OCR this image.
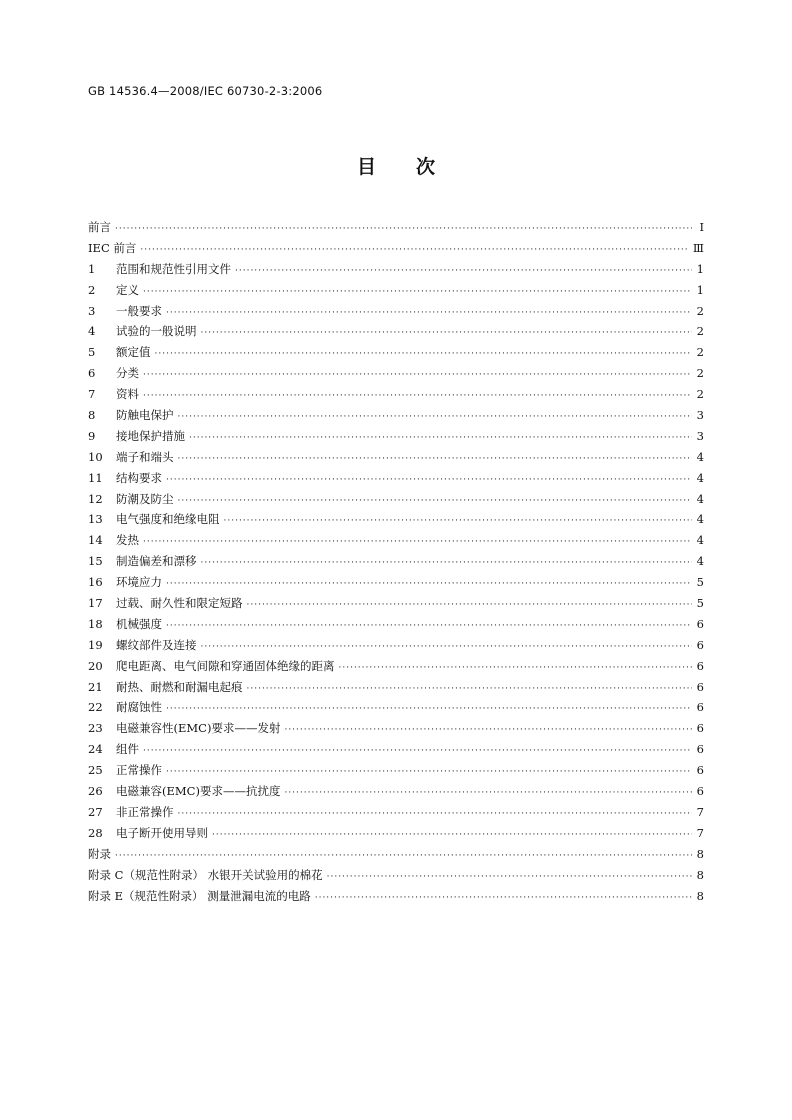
GB 14536.4—2008/IEC 60730-2-3:2006
目 次
前言 ·····	Ⅰ
IEC 前言 ·····	Ⅲ
1	范围和规范性引用文件 ·····	1
2	定义 ·····	1
3	一般要求 ·····	2
4	试验的一般说明 ·····	2
5	额定值 ·····	2
6	分类 ·····	2
7	资料 ·····	2
8	防触电保护 ·····	3
9	接地保护措施 ·····	3
10	端子和端头 ·····	4
11	结构要求 ·····	4
12	防潮及防尘 ·····	4
13	电气强度和绝缘电阻 ·····	4
14	发热 ·····	4
15	制造偏差和漂移 ·····	4
16	环境应力 ·····	5
17	过载、耐久性和限定短路 ·····	5
18	机械强度 ·····	6
19	螺纹部件及连接 ·····	6
20	爬电距离、电气间隙和穿通固体绝缘的距离 ·····	6
21	耐热、耐燃和耐漏电起痕 ·····	6
22	耐腐蚀性 ·····	6
23	电磁兼容性(EMC)要求——发射 ·····	6
24	组件 ·····	6
25	正常操作 ·····	6
26	电磁兼容(EMC)要求——抗扰度 ·····	6
27	非正常操作 ·····	7
28	电子断开使用导则 ·····	7
附录 ·····	8
附录 C（规范性附录） 水银开关试验用的棉花 ·····	8
附录 E（规范性附录） 测量泄漏电流的电路 ·····	8
